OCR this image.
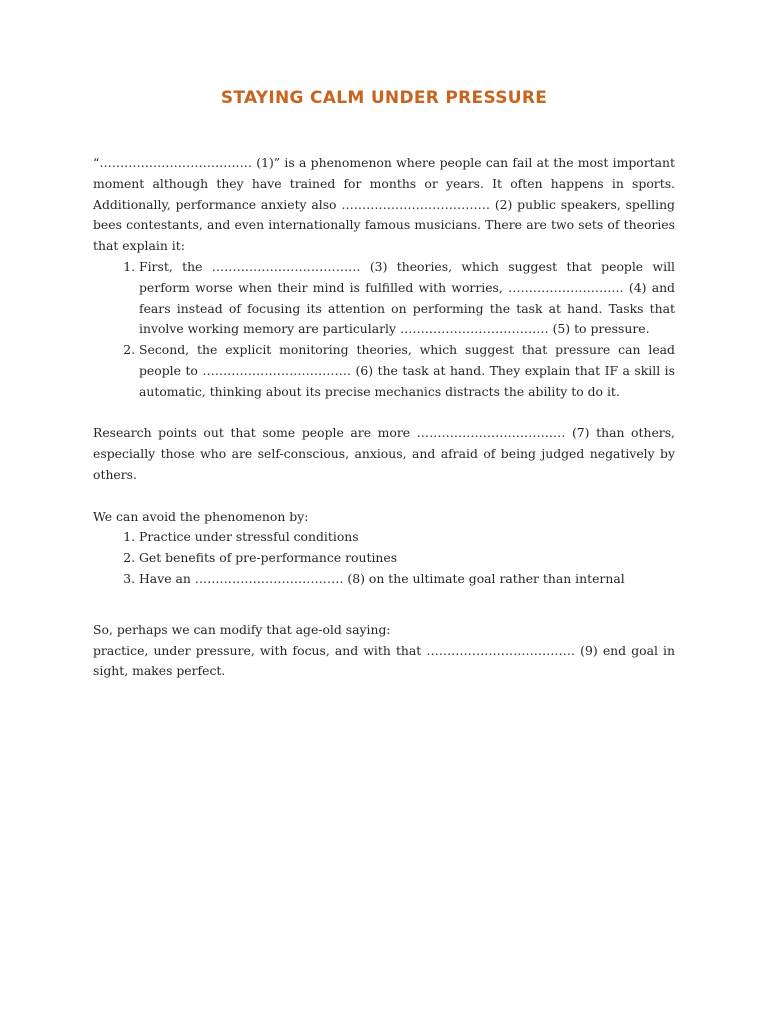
STAYING CALM UNDER PRESSURE

“…………………………….… (1)” is a phenomenon where people can fail at the most important moment although they have trained for months or years. It often happens in sports. Additionally, performance anxiety also ……………………………… (2) public speakers, spelling bees contestants, and even internationally famous musicians. There are two sets of theories that explain it:

1. First, the ……………………………… (3) theories, which suggest that people will perform worse when their mind is fulfilled with worries, ………………………. (4) and fears instead of focusing its attention on performing the task at hand. Tasks that involve working memory are particularly ……………………………… (5) to pressure.
2. Second, the explicit monitoring theories, which suggest that pressure can lead people to ……………………………… (6) the task at hand. They explain that IF a skill is automatic, thinking about its precise mechanics distracts the ability to do it.

Research points out that some people are more ……………………………… (7) than others, especially those who are self-conscious, anxious, and afraid of being judged negatively by others.

We can avoid the phenomenon by:

1. Practice under stressful conditions
2. Get benefits of pre-performance routines
3. Have an ……………………………… (8) on the ultimate goal rather than internal

So, perhaps we can modify that age-old saying:

practice, under pressure, with focus, and with that ……………………………… (9) end goal in sight, makes perfect.
